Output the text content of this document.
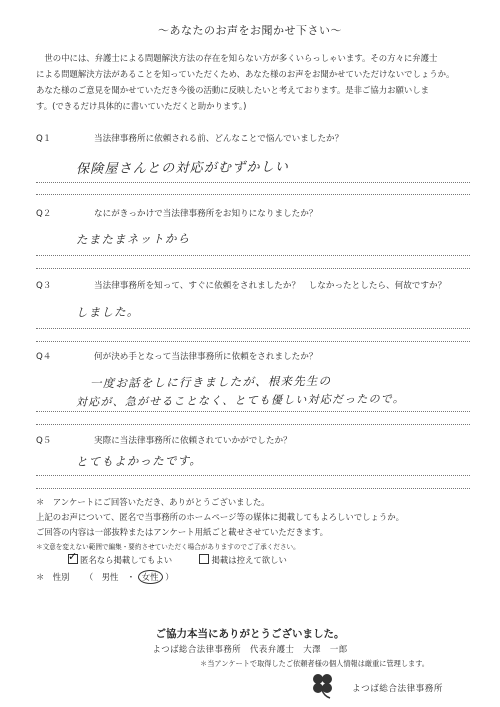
～あなたのお声をお聞かせ下さい～
　世の中には、弁護士による問題解決方法の存在を知らない方が多くいらっしゃいます。その方々に弁護士
による問題解決方法があることを知っていただくため、あなた様のお声をお聞かせていただけないでしょうか。
あなた様のご意見を聞かせていただき今後の活動に反映したいと考えております。是非ご協力お願いしま
す。(できるだけ具体的に書いていただくと助かります。)
Q１	当法律事務所に依頼される前、どんなことで悩んでいましたか？
保険屋さんとの対応がむずかしい
Q２	なにがきっかけで当法律事務所をお知りになりましたか？
たまたまネットから
Q３	当法律事務所を知って、すぐに依頼をされましたか？　しなかったとしたら、何故ですか？
しました。
Q４	何が決め手となって当法律事務所に依頼をされましたか？
一度お話をしに行きましたが、根来先生の
対応が、急がせることなく、とても優しい対応だったので。
Q５	実際に当法律事務所に依頼されていかがでしたか？
とてもよかったです。
＊　アンケートにご回答いただき、ありがとうございました。
上記のお声について、匿名で当事務所のホームページ等の媒体に掲載してもよろしいでしょうか。
ご回答の内容は一部抜粋またはアンケート用紙ごと載せさせていただきます。
＊文意を変えない範囲で編集・要約させていただく場合がありますのでご了承ください。
✓ 匿名なら掲載してもよい	掲載は控えて欲しい
＊　性別 （　男性　・ 女性 ）
ご協力本当にありがとうございました。
よつば総合法律事務所　代表弁護士　大澤　一郎
＊当アンケートで取得したご依頼者様の個人情報は厳重に管理します。
よつば総合法律事務所
